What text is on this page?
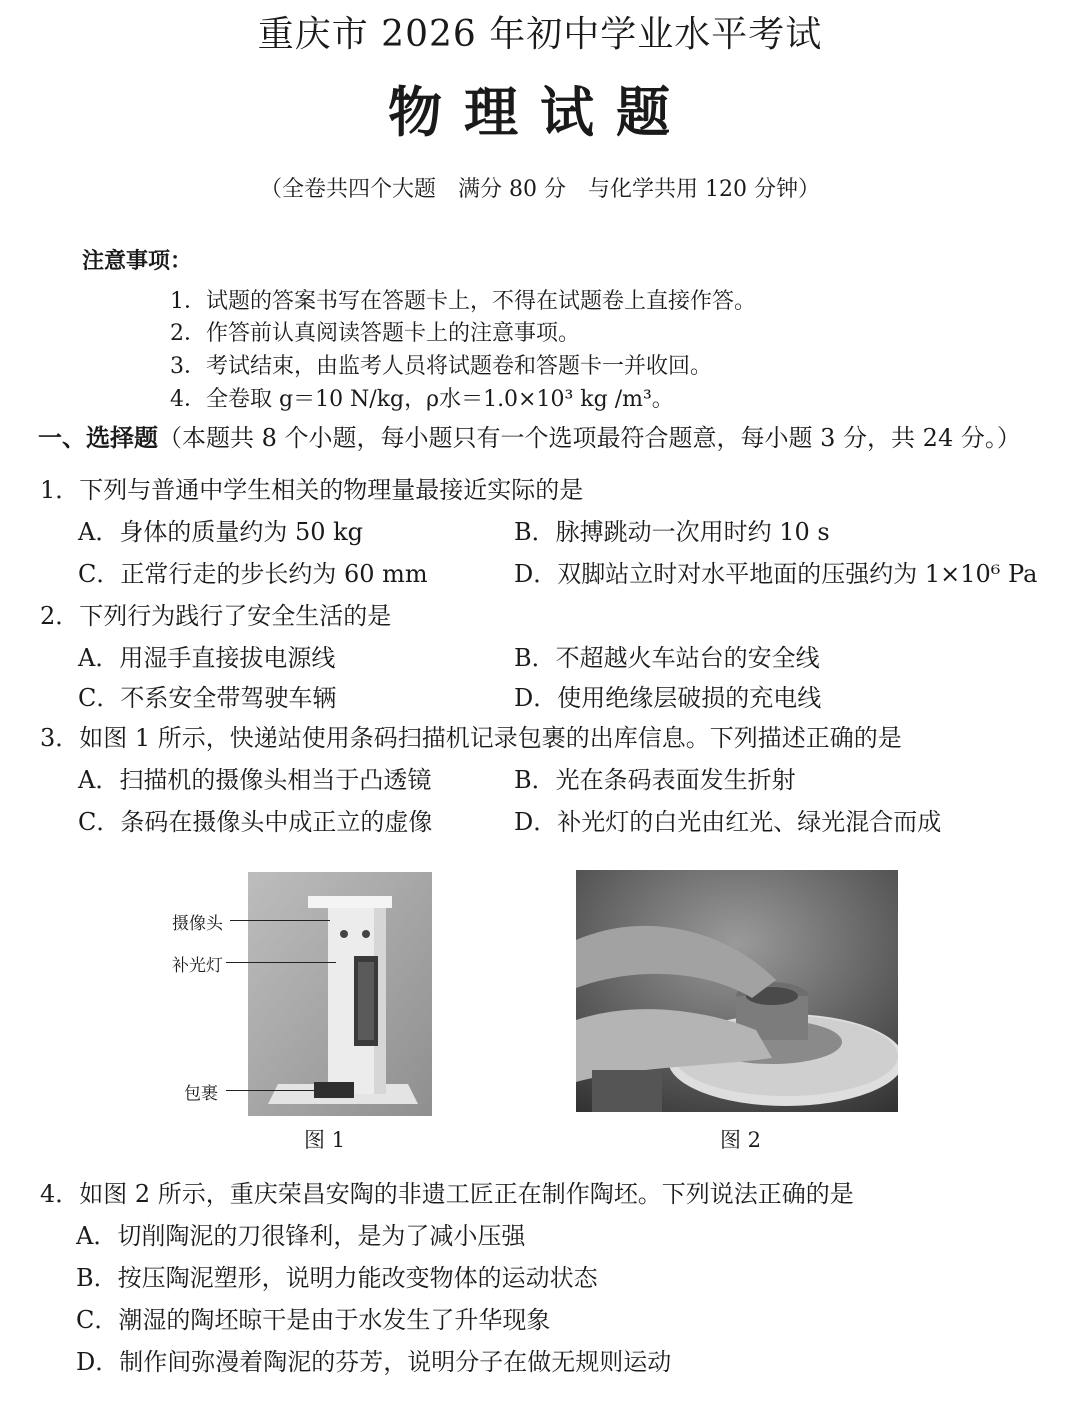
重庆市 2026 年初中学业水平考试
物理试题
（全卷共四个大题　满分 80 分　与化学共用 120 分钟）
注意事项：
1．试题的答案书写在答题卡上，不得在试题卷上直接作答。
2．作答前认真阅读答题卡上的注意事项。
3．考试结束，由监考人员将试题卷和答题卡一并收回。
4．全卷取 g＝10 N/kg，ρ水＝1.0×10³ kg /m³。
一、选择题（本题共 8 个小题，每小题只有一个选项最符合题意，每小题 3 分，共 24 分。）
1．下列与普通中学生相关的物理量最接近实际的是
A．身体的质量约为 50 kg	B．脉搏跳动一次用时约 10 s
C．正常行走的步长约为 60 mm	D．双脚站立时对水平地面的压强约为 1×10⁶ Pa
2．下列行为践行了安全生活的是
A．用湿手直接拔电源线	B．不超越火车站台的安全线
C．不系安全带驾驶车辆	D．使用绝缘层破损的充电线
3．如图 1 所示，快递站使用条码扫描机记录包裹的出库信息。下列描述正确的是
A．扫描机的摄像头相当于凸透镜	B．光在条码表面发生折射
C．条码在摄像头中成正立的虚像	D．补光灯的白光由红光、绿光混合而成
摄像头
补光灯
包裹
图 1	图 2
4．如图 2 所示，重庆荣昌安陶的非遗工匠正在制作陶坯。下列说法正确的是
A．切削陶泥的刀很锋利，是为了减小压强
B．按压陶泥塑形，说明力能改变物体的运动状态
C．潮湿的陶坯晾干是由于水发生了升华现象
D．制作间弥漫着陶泥的芬芳，说明分子在做无规则运动
